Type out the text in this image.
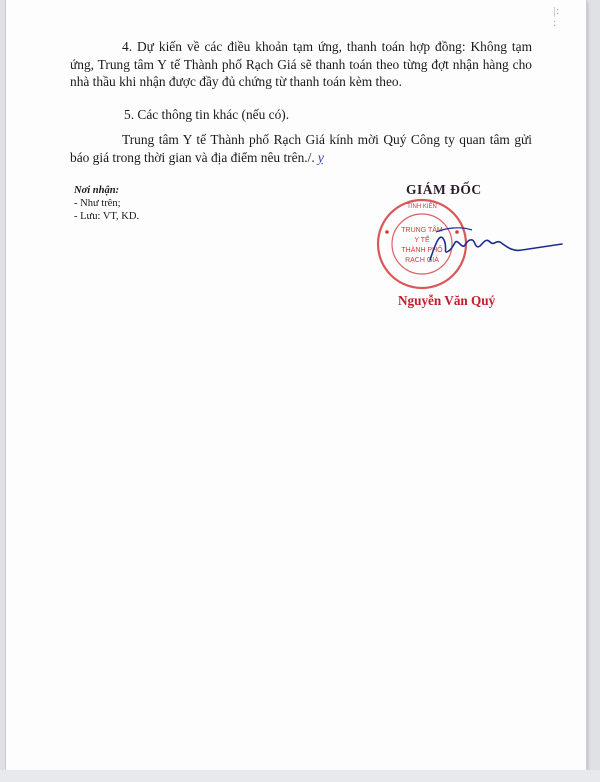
|:
:

4. Dự kiến về các điều khoản tạm ứng, thanh toán hợp đồng: Không tạm ứng, Trung tâm Y tế Thành phố Rạch Giá sẽ thanh toán theo từng đợt nhận hàng cho nhà thầu khi nhận được đầy đủ chứng từ thanh toán kèm theo.

5. Các thông tin khác (nếu có).

Trung tâm Y tế Thành phố Rạch Giá kính mời Quý Công ty quan tâm gửi báo giá trong thời gian và địa điểm nêu trên./. ỵ

Nơi nhận:
- Như trên;
- Lưu: VT, KD.
TỈNH KIÊN
TRUNG TÂM
Y TẾ
THÀNH PHỐ
RẠCH GIÁ
GIÁM ĐỐC
Nguyễn Văn Quý
